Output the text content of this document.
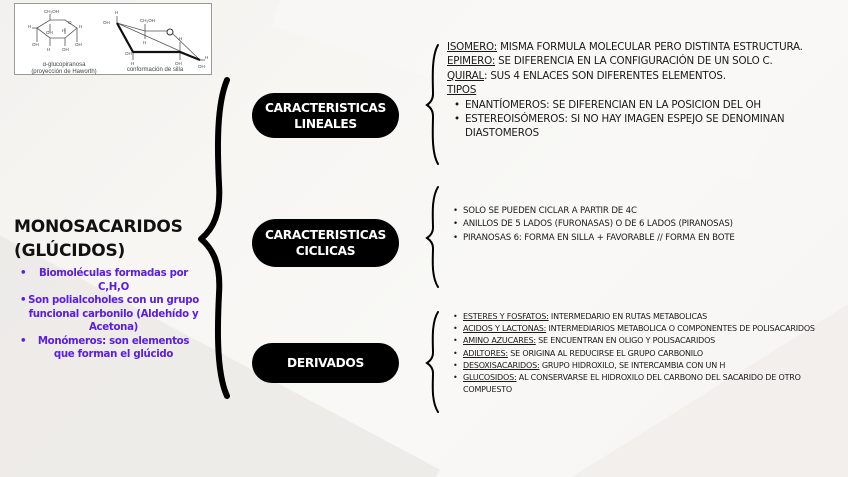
CH₂OH
O
H
OH
OH
H	OH
H
H
OH
OH
H
CH₂OH
H
OH
H
H
OH
H
OH
α-glucopiranosa
(proyección de Haworth)	conformación de silla
MONOSACARIDOS
(GLÚCIDOS)
• Biomoléculas formadas por C,H,O
• Son polialcoholes con un grupo funcional carbonilo (Aldehído y Acetona)
• Monómeros: son elementos que forman el glúcido
CARACTERISTICAS
LINEALES
CARACTERISTICAS
CICLICAS
DERIVADOS
ISOMERO: MISMA FORMULA MOLECULAR PERO DISTINTA ESTRUCTURA.
EPIMERO: SE DIFERENCIA EN LA CONFIGURACIÓN DE UN SOLO C.
QUIRAL: SUS 4 ENLACES SON DIFERENTES ELEMENTOS.
TIPOS
• ENANTÍOMEROS: SE DIFERENCIAN EN LA POSICION DEL OH
• ESTEREOISÓMEROS: SI NO HAY IMAGEN ESPEJO SE DENOMINAN DIASTOMEROS
• SOLO SE PUEDEN CICLAR A PARTIR DE 4C
• ANILLOS DE 5 LADOS (FURONASAS) O DE 6 LADOS (PIRANOSAS)
• PIRANOSAS 6: FORMA EN SILLA + FAVORABLE // FORMA EN BOTE
• ESTERES Y FOSFATOS: INTERMEDARIO EN RUTAS METABOLICAS
• ACIDOS Y LACTONAS: INTERMEDIARIOS METABOLICA O COMPONENTES DE POLISACARIDOS
• AMINO AZUCARES: SE ENCUENTRAN EN OLIGO Y POLISACARIDOS
• ADILTORES: SE ORIGINA AL REDUCIRSE EL GRUPO CARBONILO
• DESOXISACARIDOS: GRUPO HIDROXILO, SE INTERCAMBIA CON UN H
• GLUCOSIDOS: AL CONSERVARSE EL HIDROXILO DEL CARBONO DEL SACARIDO DE OTRO COMPUESTO
